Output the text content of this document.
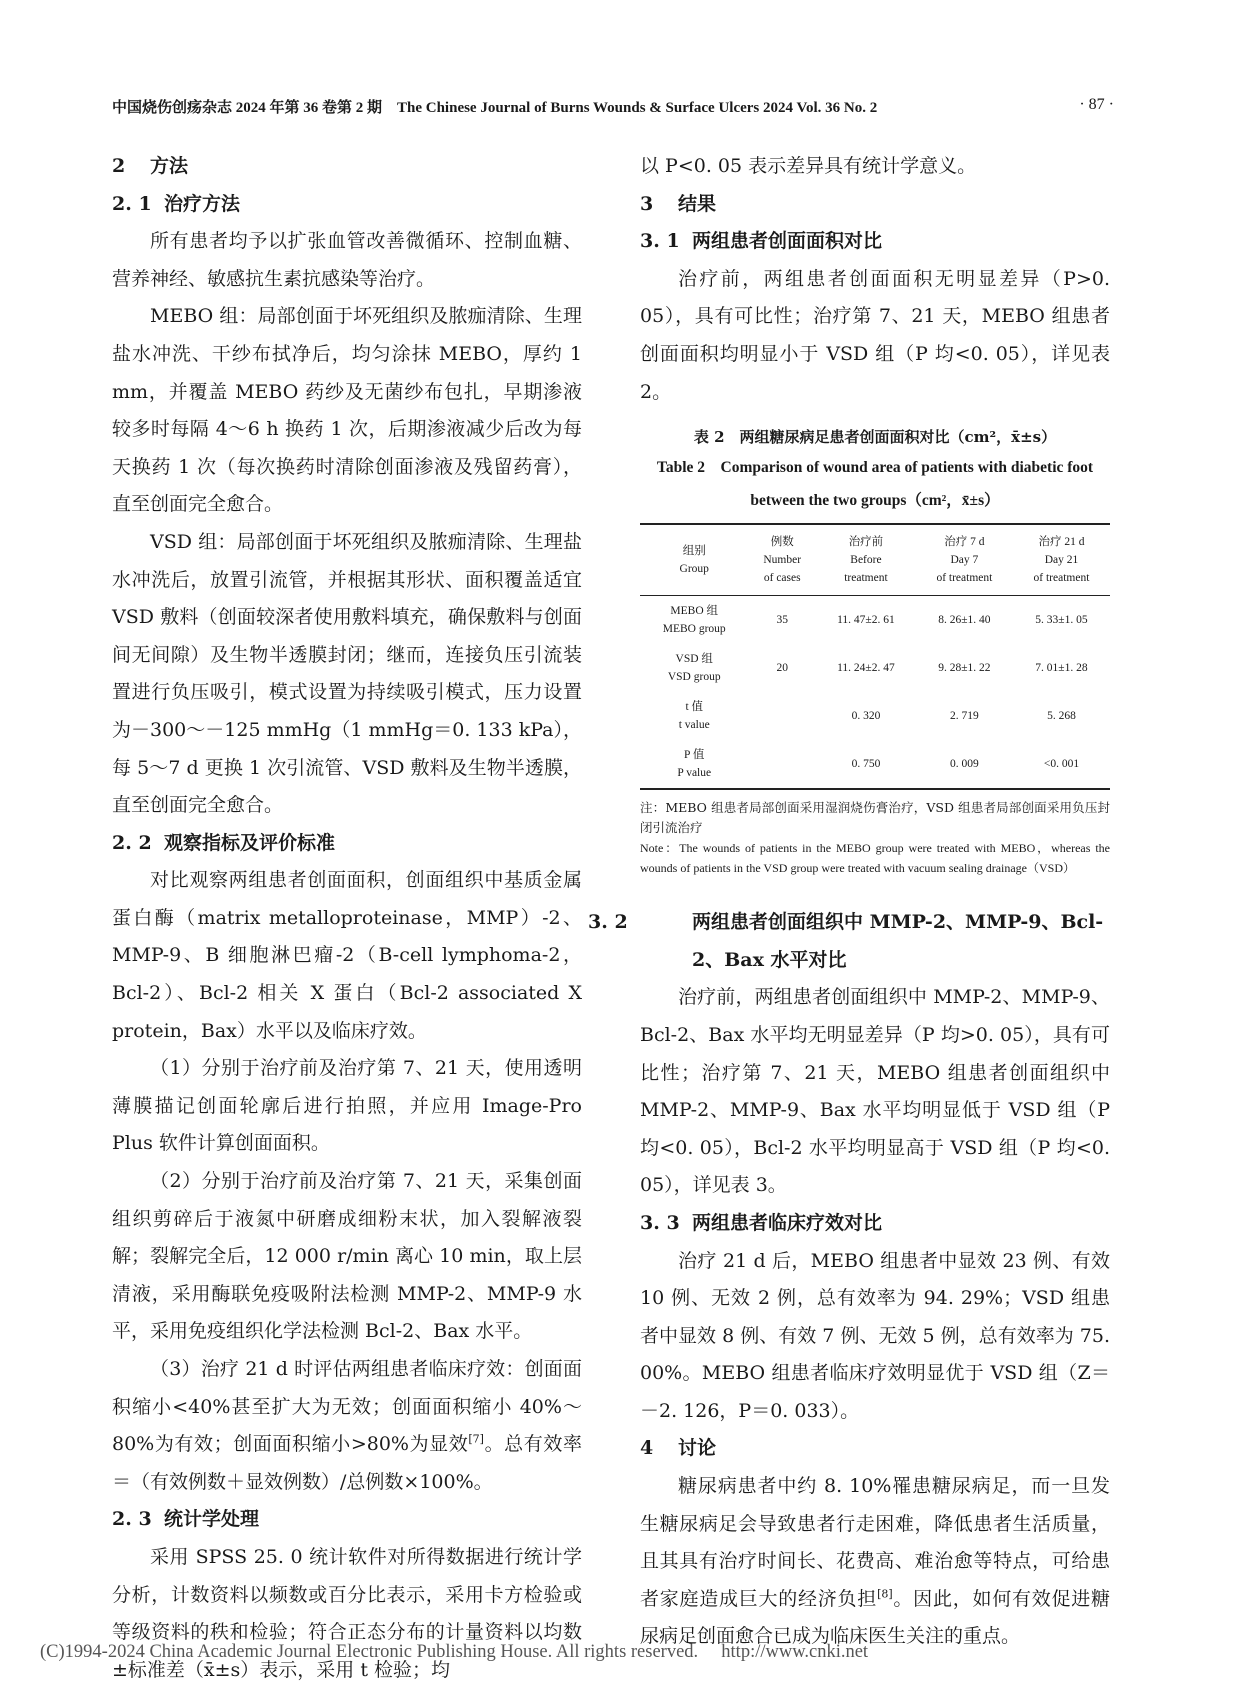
中国烧伤创疡杂志 2024 年第 36 卷第 2 期　The Chinese Journal of Burns Wounds & Surface Ulcers 2024 Vol. 36 No. 2	· 87 ·
2 方法
2. 1 治疗方法

所有患者均予以扩张血管改善微循环、控制血糖、营养神经、敏感抗生素抗感染等治疗。

MEBO 组：局部创面于坏死组织及脓痂清除、生理盐水冲洗、干纱布拭净后，均匀涂抹 MEBO，厚约 1 mm，并覆盖 MEBO 药纱及无菌纱布包扎，早期渗液较多时每隔 4～6 h 换药 1 次，后期渗液减少后改为每天换药 1 次（每次换药时清除创面渗液及残留药膏），直至创面完全愈合。

VSD 组：局部创面于坏死组织及脓痂清除、生理盐水冲洗后，放置引流管，并根据其形状、面积覆盖适宜 VSD 敷料（创面较深者使用敷料填充，确保敷料与创面间无间隙）及生物半透膜封闭；继而，连接负压引流装置进行负压吸引，模式设置为持续吸引模式，压力设置为－300～－125 mmHg（1 mmHg＝0. 133 kPa），每 5～7 d 更换 1 次引流管、VSD 敷料及生物半透膜，直至创面完全愈合。

2. 2 观察指标及评价标准

对比观察两组患者创面面积，创面组织中基质金属蛋白酶（matrix metalloproteinase，MMP）-2、MMP-9、B 细胞淋巴瘤-2（B-cell lymphoma-2，Bcl-2）、Bcl-2 相关 X 蛋白（Bcl-2 associated X protein，Bax）水平以及临床疗效。

（1）分别于治疗前及治疗第 7、21 天，使用透明薄膜描记创面轮廓后进行拍照，并应用 Image-Pro Plus 软件计算创面面积。

（2）分别于治疗前及治疗第 7、21 天，采集创面组织剪碎后于液氮中研磨成细粉末状，加入裂解液裂解；裂解完全后，12 000 r/min 离心 10 min，取上层清液，采用酶联免疫吸附法检测 MMP-2、MMP-9 水平，采用免疫组织化学法检测 Bcl-2、Bax 水平。

（3）治疗 21 d 时评估两组患者临床疗效：创面面积缩小<40%甚至扩大为无效；创面面积缩小 40%～80%为有效；创面面积缩小>80%为显效[7]。总有效率＝（有效例数＋显效例数）/总例数×100%。

2. 3 统计学处理

采用 SPSS 25. 0 统计软件对所得数据进行统计学分析，计数资料以频数或百分比表示，采用卡方检验或等级资料的秩和检验；符合正态分布的计量资料以均数±标准差（x̄±s）表示，采用 t 检验；均

以 P<0. 05 表示差异具有统计学意义。

3 结果
3. 1 两组患者创面面积对比

治疗前，两组患者创面面积无明显差异（P>0. 05），具有可比性；治疗第 7、21 天，MEBO 组患者创面面积均明显小于 VSD 组（P 均<0. 05），详见表 2。

表 2　两组糖尿病足患者创面面积对比（cm²，x̄±s）

Table 2　Comparison of wound area of patients with diabetic foot between the two groups（cm²，x̄±s）

组别
Group	例数
Number
of cases	治疗前
Before
treatment	治疗 7 d
Day 7
of treatment	治疗 21 d
Day 21
of treatment
MEBO 组
MEBO group	35	11. 47±2. 61	8. 26±1. 40	5. 33±1. 05
VSD 组
VSD group	20	11. 24±2. 47	9. 28±1. 22	7. 01±1. 28
t 值
t value		0. 320	2. 719	5. 268
P 值
P value		0. 750	0. 009	<0. 001

注：MEBO 组患者局部创面采用湿润烧伤膏治疗，VSD 组患者局部创面采用负压封闭引流治疗

Note：The wounds of patients in the MEBO group were treated with MEBO，whereas the wounds of patients in the VSD group were treated with vacuum sealing drainage（VSD）

3. 2	两组患者创面组织中 MMP-2、MMP-9、Bcl-2、Bax 水平对比

治疗前，两组患者创面组织中 MMP-2、MMP-9、Bcl-2、Bax 水平均无明显差异（P 均>0. 05），具有可比性；治疗第 7、21 天，MEBO 组患者创面组织中 MMP-2、MMP-9、Bax 水平均明显低于 VSD 组（P 均<0. 05），Bcl-2 水平均明显高于 VSD 组（P 均<0. 05），详见表 3。

3. 3 两组患者临床疗效对比

治疗 21 d 后，MEBO 组患者中显效 23 例、有效 10 例、无效 2 例，总有效率为 94. 29%；VSD 组患者中显效 8 例、有效 7 例、无效 5 例，总有效率为 75. 00%。MEBO 组患者临床疗效明显优于 VSD 组（Z＝－2. 126，P＝0. 033）。

4 讨论

糖尿病患者中约 8. 10%罹患糖尿病足，而一旦发生糖尿病足会导致患者行走困难，降低患者生活质量，且其具有治疗时间长、花费高、难治愈等特点，可给患者家庭造成巨大的经济负担[8]。因此，如何有效促进糖尿病足创面愈合已成为临床医生关注的重点。

(C)1994-2024 China Academic Journal Electronic Publishing House. All rights reserved.　 http://www.cnki.net
